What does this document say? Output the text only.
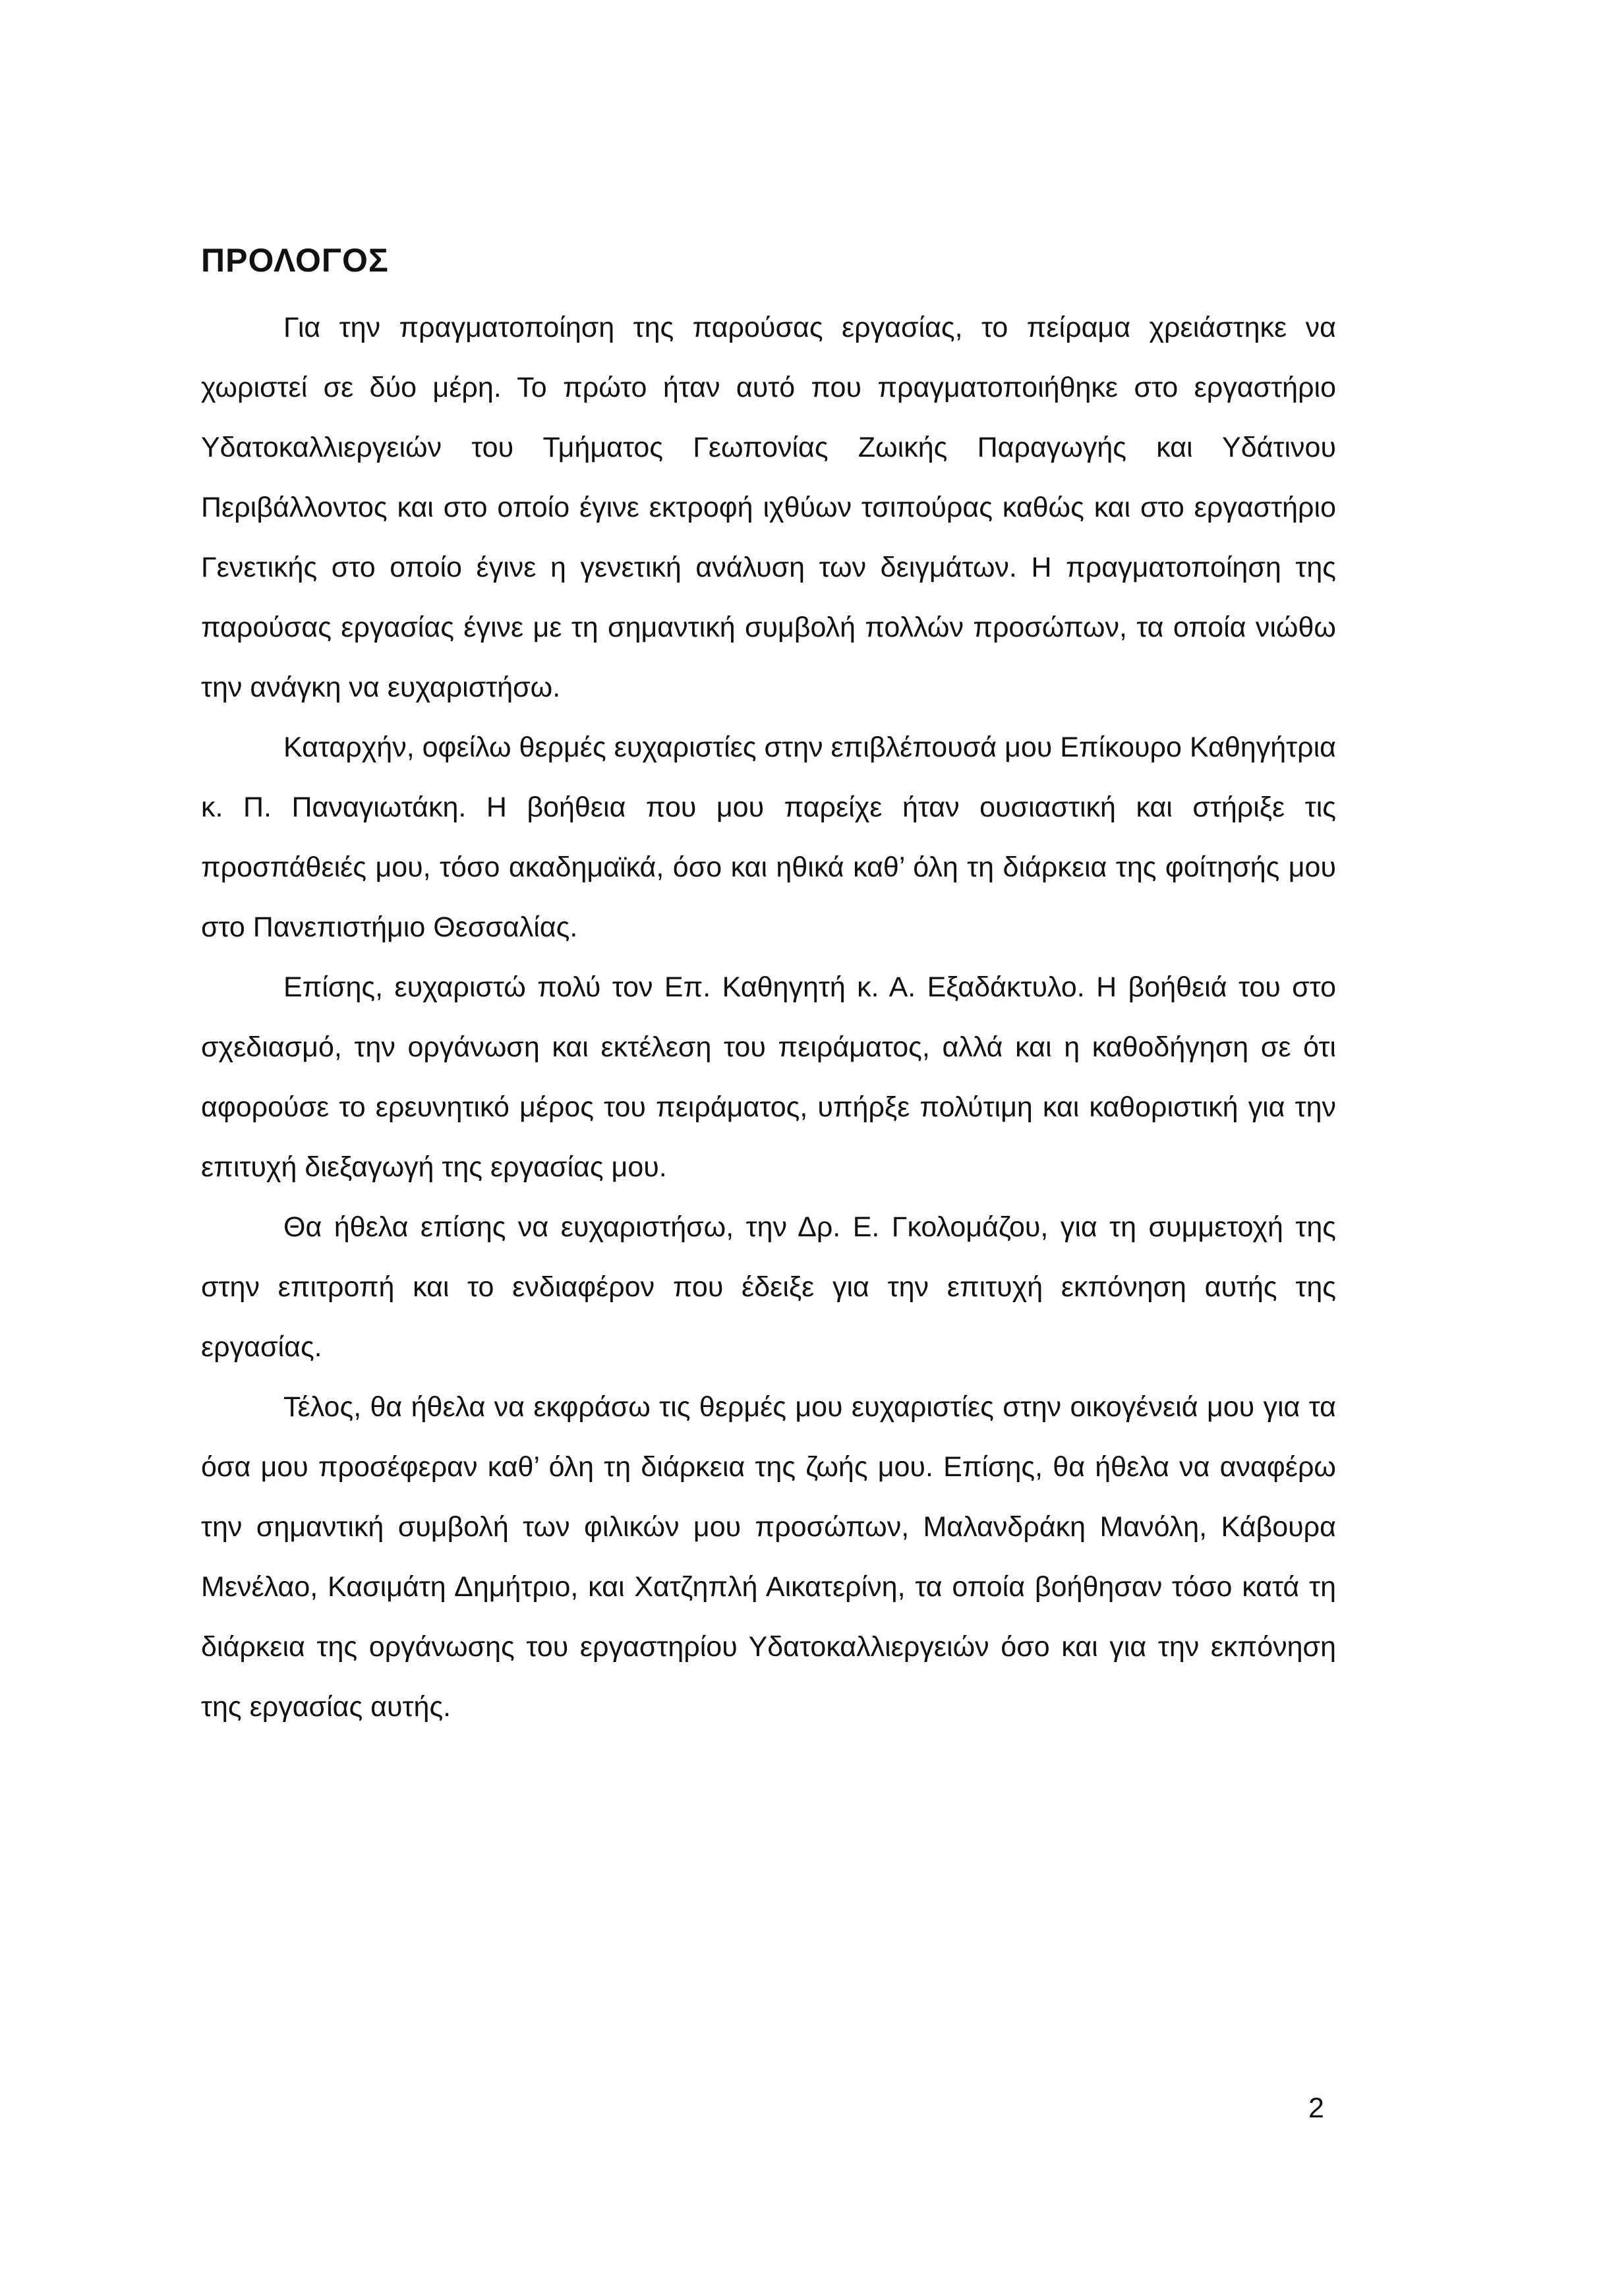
ΠΡΟΛΟΓΟΣ

Για την πραγματοποίηση της παρούσας εργασίας, το πείραμα χρειάστηκε να χωριστεί σε δύο μέρη. Το πρώτο ήταν αυτό που πραγματοποιήθηκε στο εργαστήριο Υδατοκαλλιεργειών του Τμήματος Γεωπονίας Ζωικής Παραγωγής και Υδάτινου Περιβάλλοντος και στο οποίο έγινε εκτροφή ιχθύων τσιπούρας καθώς και στο εργαστήριο Γενετικής στο οποίο έγινε η γενετική ανάλυση των δειγμάτων. Η πραγματοποίηση της παρούσας εργασίας έγινε με τη σημαντική συμβολή πολλών προσώπων, τα οποία νιώθω την ανάγκη να ευχαριστήσω.

Καταρχήν, οφείλω θερμές ευχαριστίες στην επιβλέπουσά μου Επίκουρο Καθηγήτρια κ. Π. Παναγιωτάκη. Η βοήθεια που μου παρείχε ήταν ουσιαστική και στήριξε τις προσπάθειές μου, τόσο ακαδημαϊκά, όσο και ηθικά καθ’ όλη τη διάρκεια της φοίτησής μου στο Πανεπιστήμιο Θεσσαλίας.

Επίσης, ευχαριστώ πολύ τον Επ. Καθηγητή κ. Α. Εξαδάκτυλο. Η βοήθειά του στο σχεδιασμό, την οργάνωση και εκτέλεση του πειράματος, αλλά και η καθοδήγηση σε ότι αφορούσε το ερευνητικό μέρος του πειράματος, υπήρξε πολύτιμη και καθοριστική για την επιτυχή διεξαγωγή της εργασίας μου.

Θα ήθελα επίσης να ευχαριστήσω, την Δρ. Ε. Γκολομάζου, για τη συμμετοχή της στην επιτροπή και το ενδιαφέρον που έδειξε για την επιτυχή εκπόνηση αυτής της εργασίας.

Τέλος, θα ήθελα να εκφράσω τις θερμές μου ευχαριστίες στην οικογένειά μου για τα όσα μου προσέφεραν καθ’ όλη τη διάρκεια της ζωής μου. Επίσης, θα ήθελα να αναφέρω την σημαντική συμβολή των φιλικών μου προσώπων, Μαλανδράκη Μανόλη, Κάβουρα Μενέλαο, Κασιμάτη Δημήτριο, και Χατζηπλή Αικατερίνη, τα οποία βοήθησαν τόσο κατά τη διάρκεια της οργάνωσης του εργαστηρίου Υδατοκαλλιεργειών όσο και για την εκπόνηση της εργασίας αυτής.

2
